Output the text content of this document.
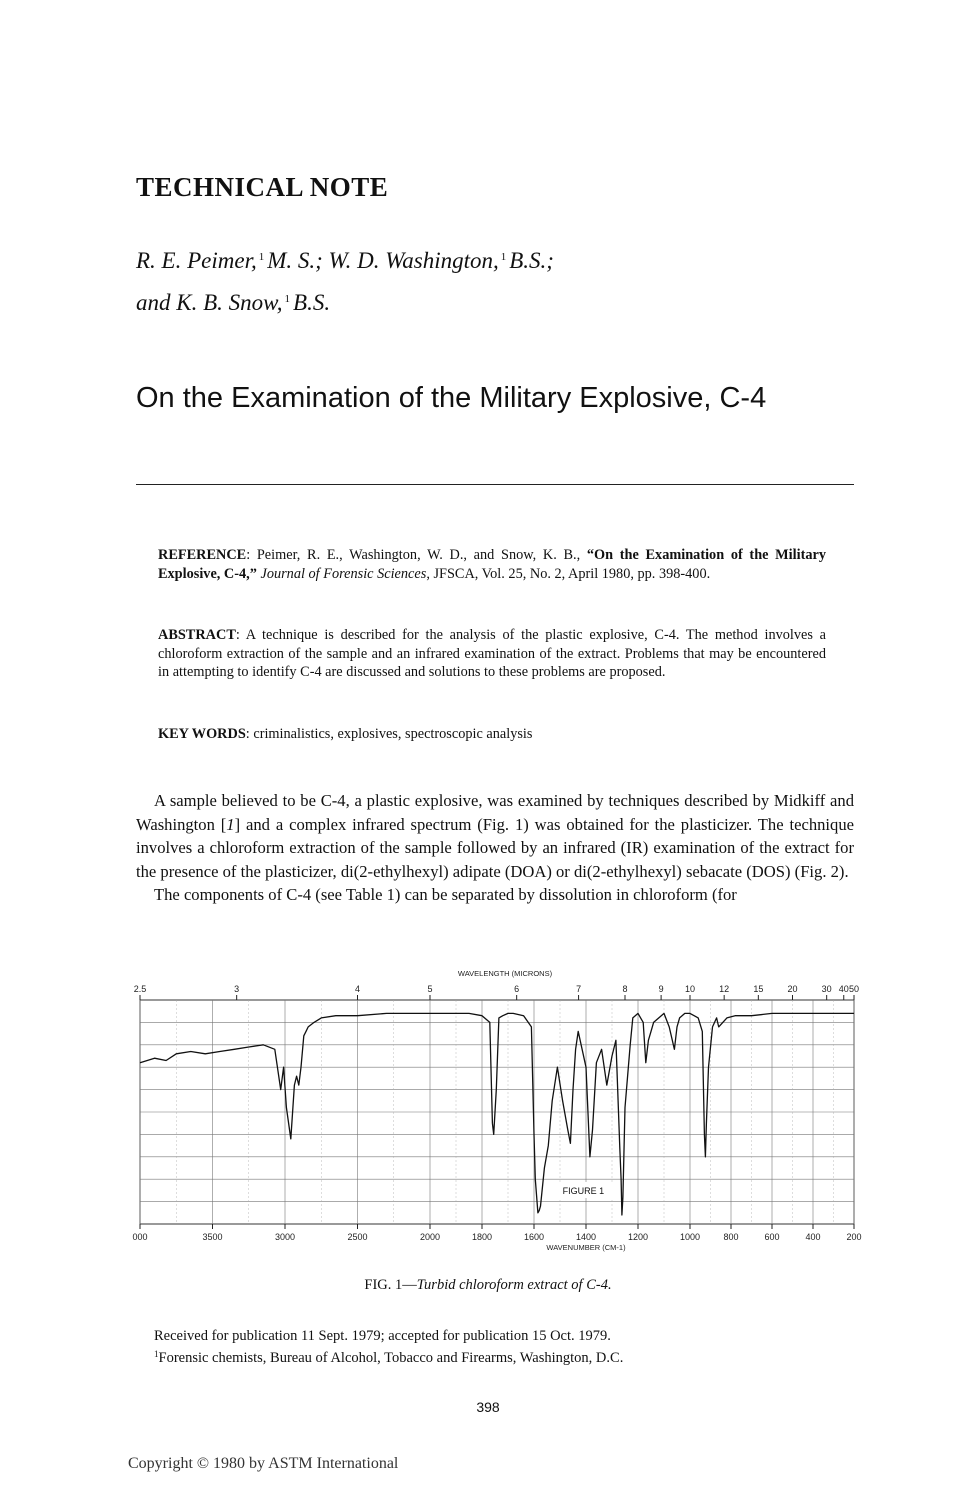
TECHNICAL NOTE
R. E. Peimer, $^1$ M. S.; W. D. Washington, $^1$ B.S.;
and K. B. Snow, $^1$ B.S.
On the Examination of the Military Explosive, C-4
REFERENCE: Peimer, R. E., Washington, W. D., and Snow, K. B., “On the Examination of the Military Explosive, C-4,” Journal of Forensic Sciences, JFSCA, Vol. 25, No. 2, April 1980, pp. 398-400.
ABSTRACT: A technique is described for the analysis of the plastic explosive, C-4. The method involves a chloroform extraction of the sample and an infrared examination of the extract. Problems that may be encountered in attempting to identify C-4 are discussed and solutions to these problems are proposed.
KEY WORDS: criminalistics, explosives, spectroscopic analysis

A sample believed to be C-4, a plastic explosive, was examined by techniques described by Midkiff and Washington [1] and a complex infrared spectrum (Fig. 1) was obtained for the plasticizer. The technique involves a chloroform extraction of the sample followed by an infrared (IR) examination of the extract for the presence of the plasticizer, di(2-ethylhexyl) adipate (DOA) or di(2-ethylhexyl) sebacate (DOS) (Fig. 2).

The components of C-4 (see Table 1) can be separated by dissolution in chloroform (for

000	3500	3000	2500	2000	1800	1600	1400	1200	1000	800	600	400	200
2.5	3	4	5	6	7	8	9 10	12	15	20	30 40 50
WAVELENGTH (MICRONS)
WAVENUMBER (CM-1)
FIGURE 1
FIG. 1—Turbid chloroform extract of C-4.
Received for publication 11 Sept. 1979; accepted for publication 15 Oct. 1979.
$^1$Forensic chemists, Bureau of Alcohol, Tobacco and Firearms, Washington, D.C.
398
Copyright © 1980 by ASTM International
